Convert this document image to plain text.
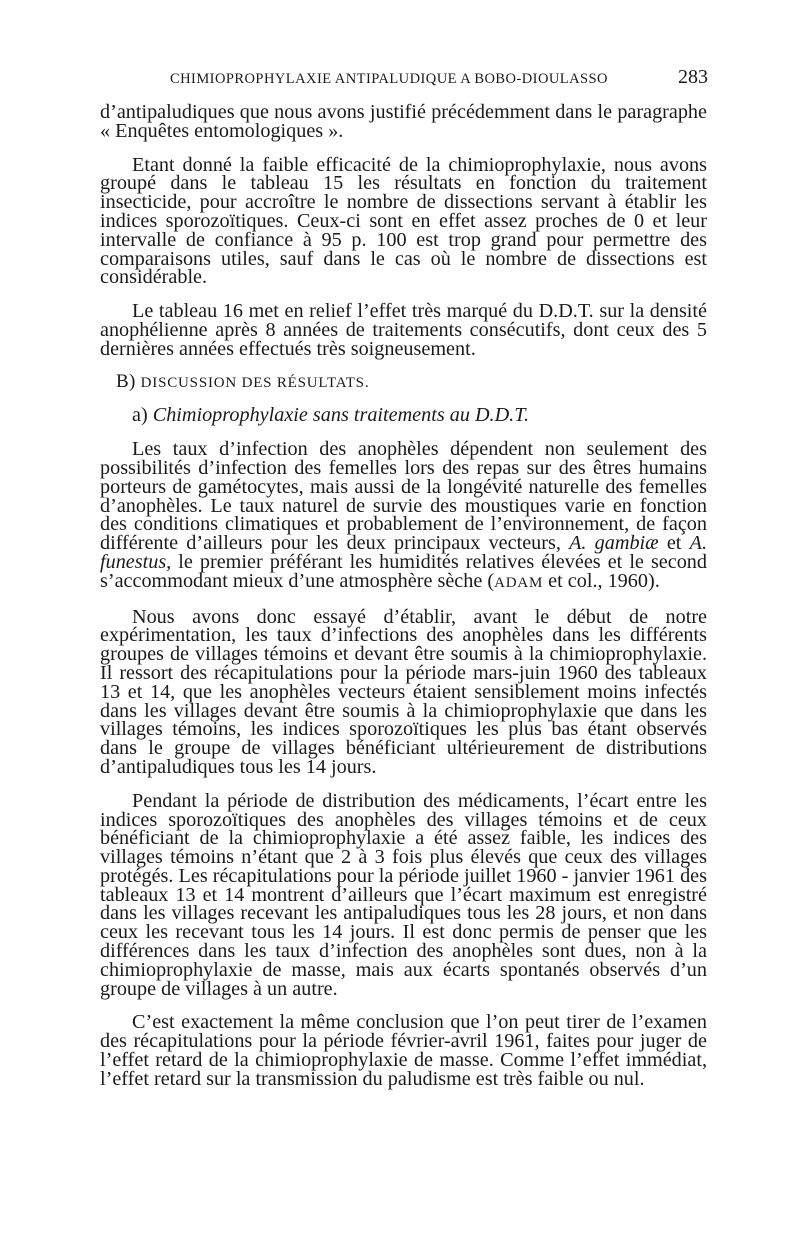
CHIMIOPROPHYLAXIE ANTIPALUDIQUE A BOBO-DIOULASSO	283

d’antipaludiques que nous avons justifié précédemment dans le paragraphe « Enquêtes entomologiques ».

Etant donné la faible efficacité de la chimioprophylaxie, nous avons groupé dans le tableau 15 les résultats en fonction du traitement insecticide, pour accroître le nombre de dissections servant à établir les indices sporozoïtiques. Ceux-ci sont en effet assez proches de 0 et leur intervalle de confiance à 95 p. 100 est trop grand pour permettre des comparaisons utiles, sauf dans le cas où le nombre de dissections est considérable.

Le tableau 16 met en relief l’effet très marqué du D.D.T. sur la densité anophélienne après 8 années de traitements consécutifs, dont ceux des 5 dernières années effectués très soigneusement.

B) DISCUSSION DES RÉSULTATS.

a) Chimioprophylaxie sans traitements au D.D.T.

Les taux d’infection des anophèles dépendent non seulement des possibilités d’infection des femelles lors des repas sur des êtres humains porteurs de gamétocytes, mais aussi de la longévité naturelle des femelles d’anophèles. Le taux naturel de survie des moustiques varie en fonction des conditions climatiques et probablement de l’environnement, de façon différente d’ailleurs pour les deux principaux vecteurs, A. gambiæ et A. funestus, le premier préférant les humidités relatives élevées et le second s’accommodant mieux d’une atmosphère sèche (ADAM et col., 1960).

Nous avons donc essayé d’établir, avant le début de notre expérimentation, les taux d’infections des anophèles dans les différents groupes de villages témoins et devant être soumis à la chimioprophylaxie. Il ressort des récapitulations pour la période mars-juin 1960 des tableaux 13 et 14, que les anophèles vecteurs étaient sensiblement moins infectés dans les villages devant être soumis à la chimioprophylaxie que dans les villages témoins, les indices sporozoïtiques les plus bas étant observés dans le groupe de villages bénéficiant ultérieurement de distributions d’antipaludiques tous les 14 jours.

Pendant la période de distribution des médicaments, l’écart entre les indices sporozoïtiques des anophèles des villages témoins et de ceux bénéficiant de la chimioprophylaxie a été assez faible, les indices des villages témoins n’étant que 2 à 3 fois plus élevés que ceux des villages protégés. Les récapitulations pour la période juillet 1960 - janvier 1961 des tableaux 13 et 14 montrent d’ailleurs que l’écart maximum est enregistré dans les villages recevant les antipaludiques tous les 28 jours, et non dans ceux les recevant tous les 14 jours. Il est donc permis de penser que les différences dans les taux d’infection des anophèles sont dues, non à la chimioprophylaxie de masse, mais aux écarts spontanés observés d’un groupe de villages à un autre.

C’est exactement la même conclusion que l’on peut tirer de l’examen des récapitulations pour la période février-avril 1961, faites pour juger de l’effet retard de la chimioprophylaxie de masse. Comme l’effet immédiat, l’effet retard sur la transmission du paludisme est très faible ou nul.
